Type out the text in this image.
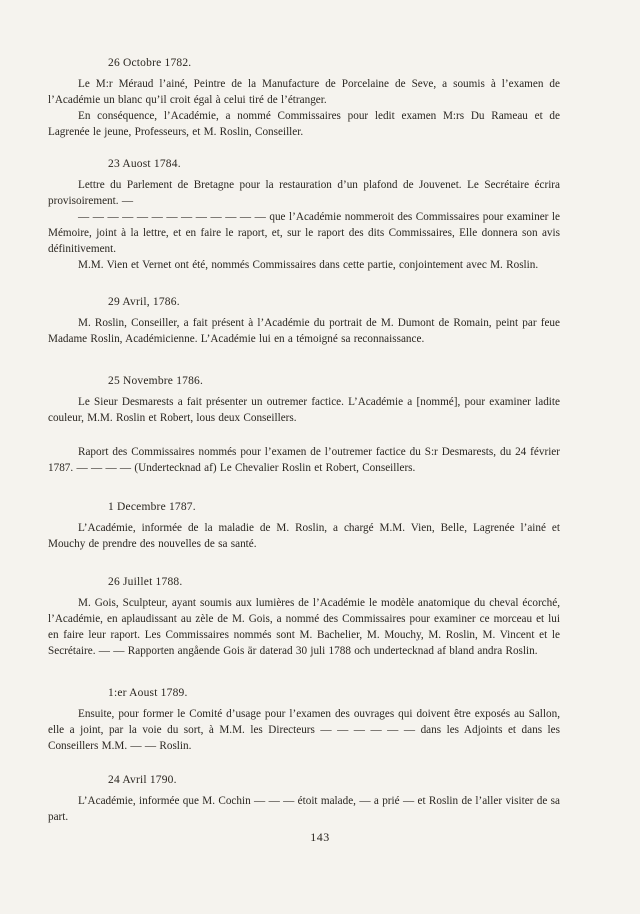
26 Octobre 1782.

Le M:r Méraud l’ainé, Peintre de la Manufacture de Porcelaine de Seve, a soumis à l’examen de l’Académie un blanc qu’il croit égal à celui tiré de l’étranger.

En conséquence, l’Académie, a nommé Commissaires pour ledit examen M:rs Du Rameau et de Lagrenée le jeune, Professeurs, et M. Roslin, Conseiller.

23 Auost 1784.

Lettre du Parlement de Bretagne pour la restauration d’un plafond de Jouvenet. Le Secrétaire écrira provisoirement. —

— — — — — — — — — — — — — que l’Académie nommeroit des Commissaires pour examiner le Mémoire, joint à la lettre, et en faire le raport, et, sur le raport des dits Commissaires, Elle donnera son avis définitivement.

M.M. Vien et Vernet ont été, nommés Commissaires dans cette partie, conjointement avec M. Roslin.

29 Avril, 1786.

M. Roslin, Conseiller, a fait présent à l’Académie du portrait de M. Dumont de Romain, peint par feue Madame Roslin, Académicienne. L’Académie lui en a témoigné sa reconnaissance.

25 Novembre 1786.

Le Sieur Desmarests a fait présenter un outremer factice. L’Académie a [nommé], pour examiner ladite couleur, M.M. Roslin et Robert, lous deux Conseillers.

Raport des Commissaires nommés pour l’examen de l’outremer factice du S:r Desmarests, du 24 février 1787. — — — — (Undertecknad af) Le Chevalier Roslin et Robert, Conseillers.

1 Decembre 1787.

L’Académie, informée de la maladie de M. Roslin, a chargé M.M. Vien, Belle, Lagrenée l’ainé et Mouchy de prendre des nouvelles de sa santé.

26 Juillet 1788.

M. Gois, Sculpteur, ayant soumis aux lumières de l’Académie le modèle anatomique du cheval écorché, l’Académie, en aplaudissant au zèle de M. Gois, a nommé des Commissaires pour examiner ce morceau et lui en faire leur raport. Les Commissaires nommés sont M. Bachelier, M. Mouchy, M. Roslin, M. Vincent et le Secrétaire. — — Rapporten angående Gois är daterad 30 juli 1788 och undertecknad af bland andra Roslin.

1:er Aoust 1789.

Ensuite, pour former le Comité d’usage pour l’examen des ouvrages qui doivent être exposés au Sallon, elle a joint, par la voie du sort, à M.M. les Directeurs — — — — — — dans les Adjoints et dans les Conseillers M.M. — — Roslin.

24 Avril 1790.

L’Académie, informée que M. Cochin — — — étoit malade, — a prié — et Roslin de l’aller visiter de sa part.

143
